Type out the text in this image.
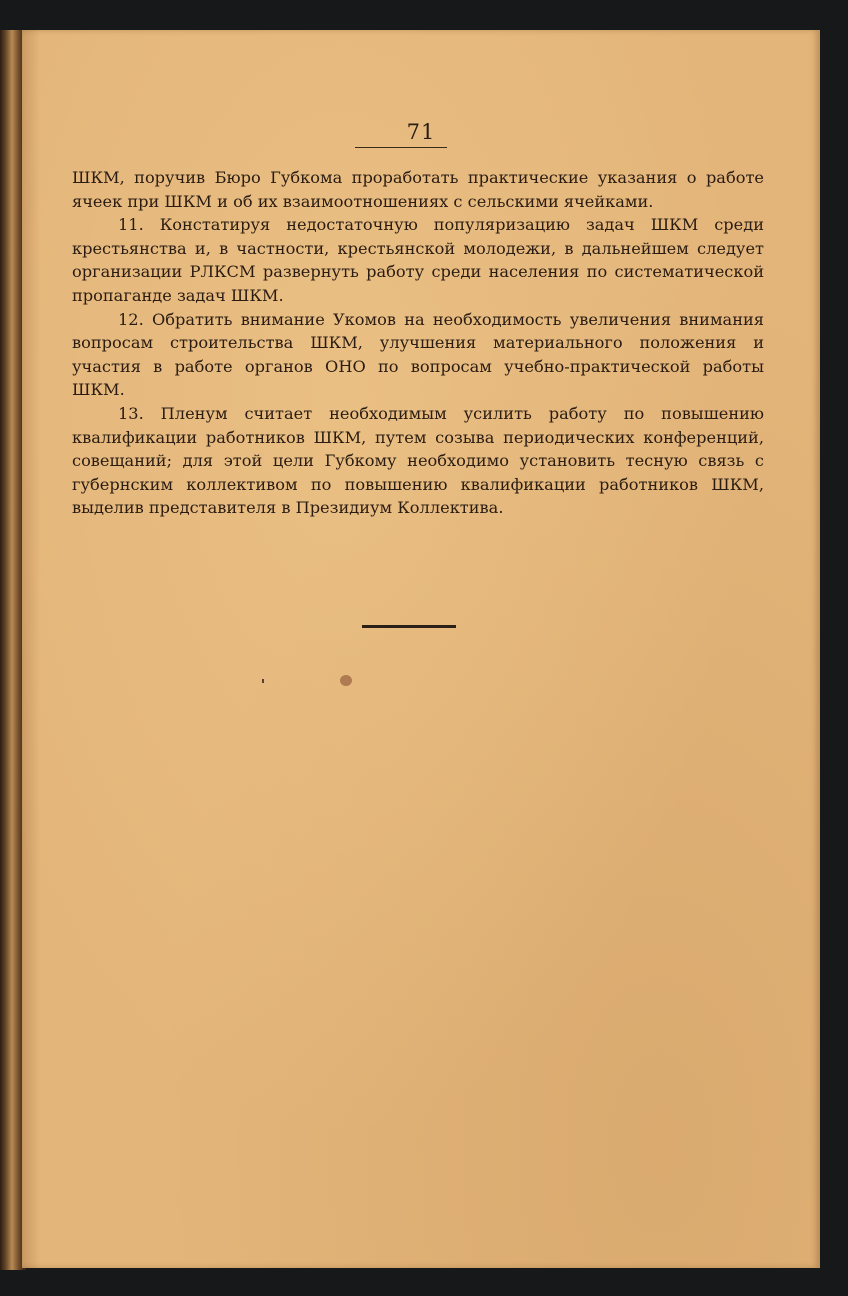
71

ШКМ, поручив Бюро Губкома проработать практические указания о работе ячеек при ШКМ и об их взаимоотношениях с сельскими ячейками.

11. Констатируя недостаточную популяризацию задач ШКМ среди крестьянства и, в частности, крестьянской молодежи, в дальнейшем следует организации РЛКСМ развернуть работу среди населения по систематической пропаганде задач ШКМ.

12. Обратить внимание Укомов на необходимость увеличения внимания вопросам строительства ШКМ, улучшения материального положения и участия в работе органов ОНО по вопросам учебно-практической работы ШКМ.

13. Пленум считает необходимым усилить работу по повышению квалификации работников ШКМ, путем созыва периодических конференций, совещаний; для этой цели Губкому необходимо установить тесную связь с губернским коллективом по повышению квалификации работников ШКМ, выделив представителя в Президиум Коллектива.
